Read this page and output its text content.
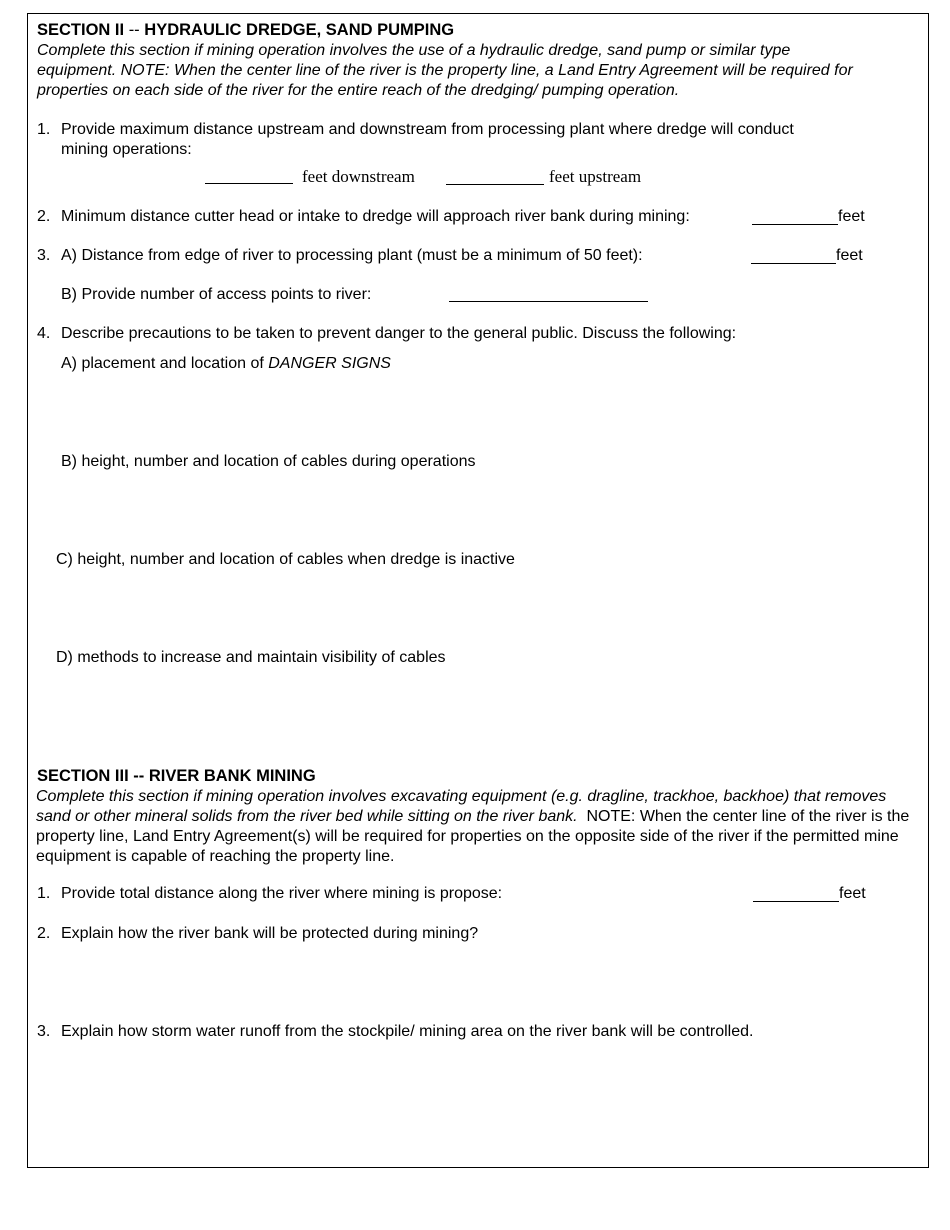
SECTION II -- HYDRAULIC DREDGE, SAND PUMPING
Complete this section if mining operation involves the use of a hydraulic dredge, sand pump or similar type
equipment. NOTE: When the center line of the river is the property line, a Land Entry Agreement will be required for
properties on each side of the river for the entire reach of the dredging/ pumping operation.
1. Provide maximum distance upstream and downstream from processing plant where dredge will conduct
mining operations:
feet downstream	feet upstream
2. Minimum distance cutter head or intake to dredge will approach river bank during mining:	feet
3. A) Distance from edge of river to processing plant (must be a minimum of 50 feet):	feet
B) Provide number of access points to river:
4. Describe precautions to be taken to prevent danger to the general public. Discuss the following:
A) placement and location of DANGER SIGNS
B) height, number and location of cables during operations
C) height, number and location of cables when dredge is inactive
D) methods to increase and maintain visibility of cables
SECTION III -- RIVER BANK MINING
Complete this section if mining operation involves excavating equipment (e.g. dragline, trackhoe, backhoe) that removes sand or other mineral solids from the river bed while sitting on the river bank. NOTE: When the center line of the river is the property line, Land Entry Agreement(s) will be required for properties on the opposite side of the river if the permitted mine equipment is capable of reaching the property line.
1. Provide total distance along the river where mining is propose:	feet
2. Explain how the river bank will be protected during mining?
3. Explain how storm water runoff from the stockpile/ mining area on the river bank will be controlled.
